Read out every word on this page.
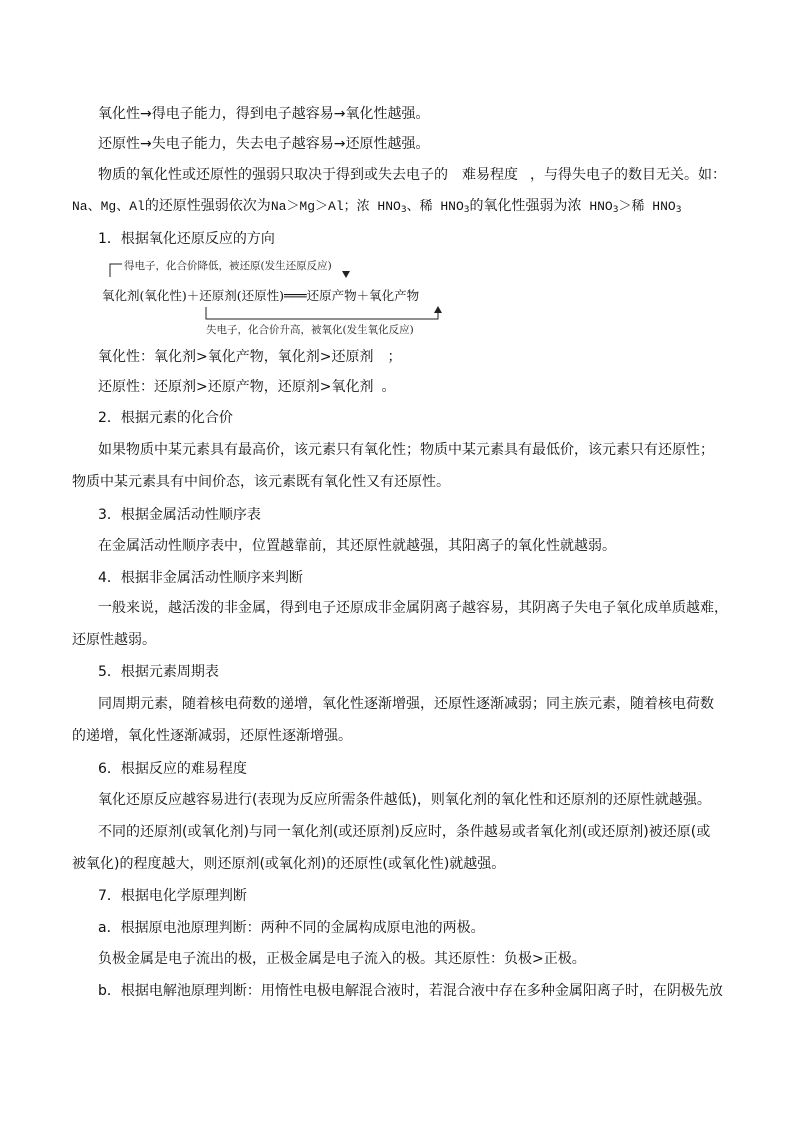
氧化性→得电子能力，得到电子越容易→氧化性越强。
还原性→失电子能力，失去电子越容易→还原性越强。
物质的氧化性或还原性的强弱只取决于得到或失去电子的 难易程度 ，与得失电子的数目无关。如：
Na、Mg、Al的还原性强弱依次为Na＞Mg＞Al；浓 $HNO_3$、稀 $HNO_3$的氧化性强弱为浓 $HNO_3>$稀 $HNO_3$
1．根据氧化还原反应的方向
得电子，化合价降低，被还原(发生还原反应)
氧化剂(氧化性)＋还原剂(还原性)═══还原产物＋氧化产物
失电子，化合价升高，被氧化(发生氧化反应)
氧化性：氧化剂>氧化产物，氧化剂>还原剂 ；
还原性：还原剂>还原产物，还原剂>氧化剂 。
2．根据元素的化合价
如果物质中某元素具有最高价，该元素只有氧化性；物质中某元素具有最低价，该元素只有还原性；
物质中某元素具有中间价态，该元素既有氧化性又有还原性。
3．根据金属活动性顺序表
在金属活动性顺序表中，位置越靠前，其还原性就越强，其阳离子的氧化性就越弱。
4．根据非金属活动性顺序来判断
一般来说，越活泼的非金属，得到电子还原成非金属阴离子越容易，其阴离子失电子氧化成单质越难，
还原性越弱。
5．根据元素周期表
同周期元素，随着核电荷数的递增，氧化性逐渐增强，还原性逐渐减弱；同主族元素，随着核电荷数
的递增，氧化性逐渐减弱，还原性逐渐增强。
6．根据反应的难易程度
氧化还原反应越容易进行(表现为反应所需条件越低)，则氧化剂的氧化性和还原剂的还原性就越强。
不同的还原剂(或氧化剂)与同一氧化剂(或还原剂)反应时，条件越易或者氧化剂(或还原剂)被还原(或
被氧化)的程度越大，则还原剂(或氧化剂)的还原性(或氧化性)就越强。
7．根据电化学原理判断
a．根据原电池原理判断：两种不同的金属构成原电池的两极。
负极金属是电子流出的极，正极金属是电子流入的极。其还原性：负极>正极。
b．根据电解池原理判断：用惰性电极电解混合液时，若混合液中存在多种金属阳离子时，在阴极先放
